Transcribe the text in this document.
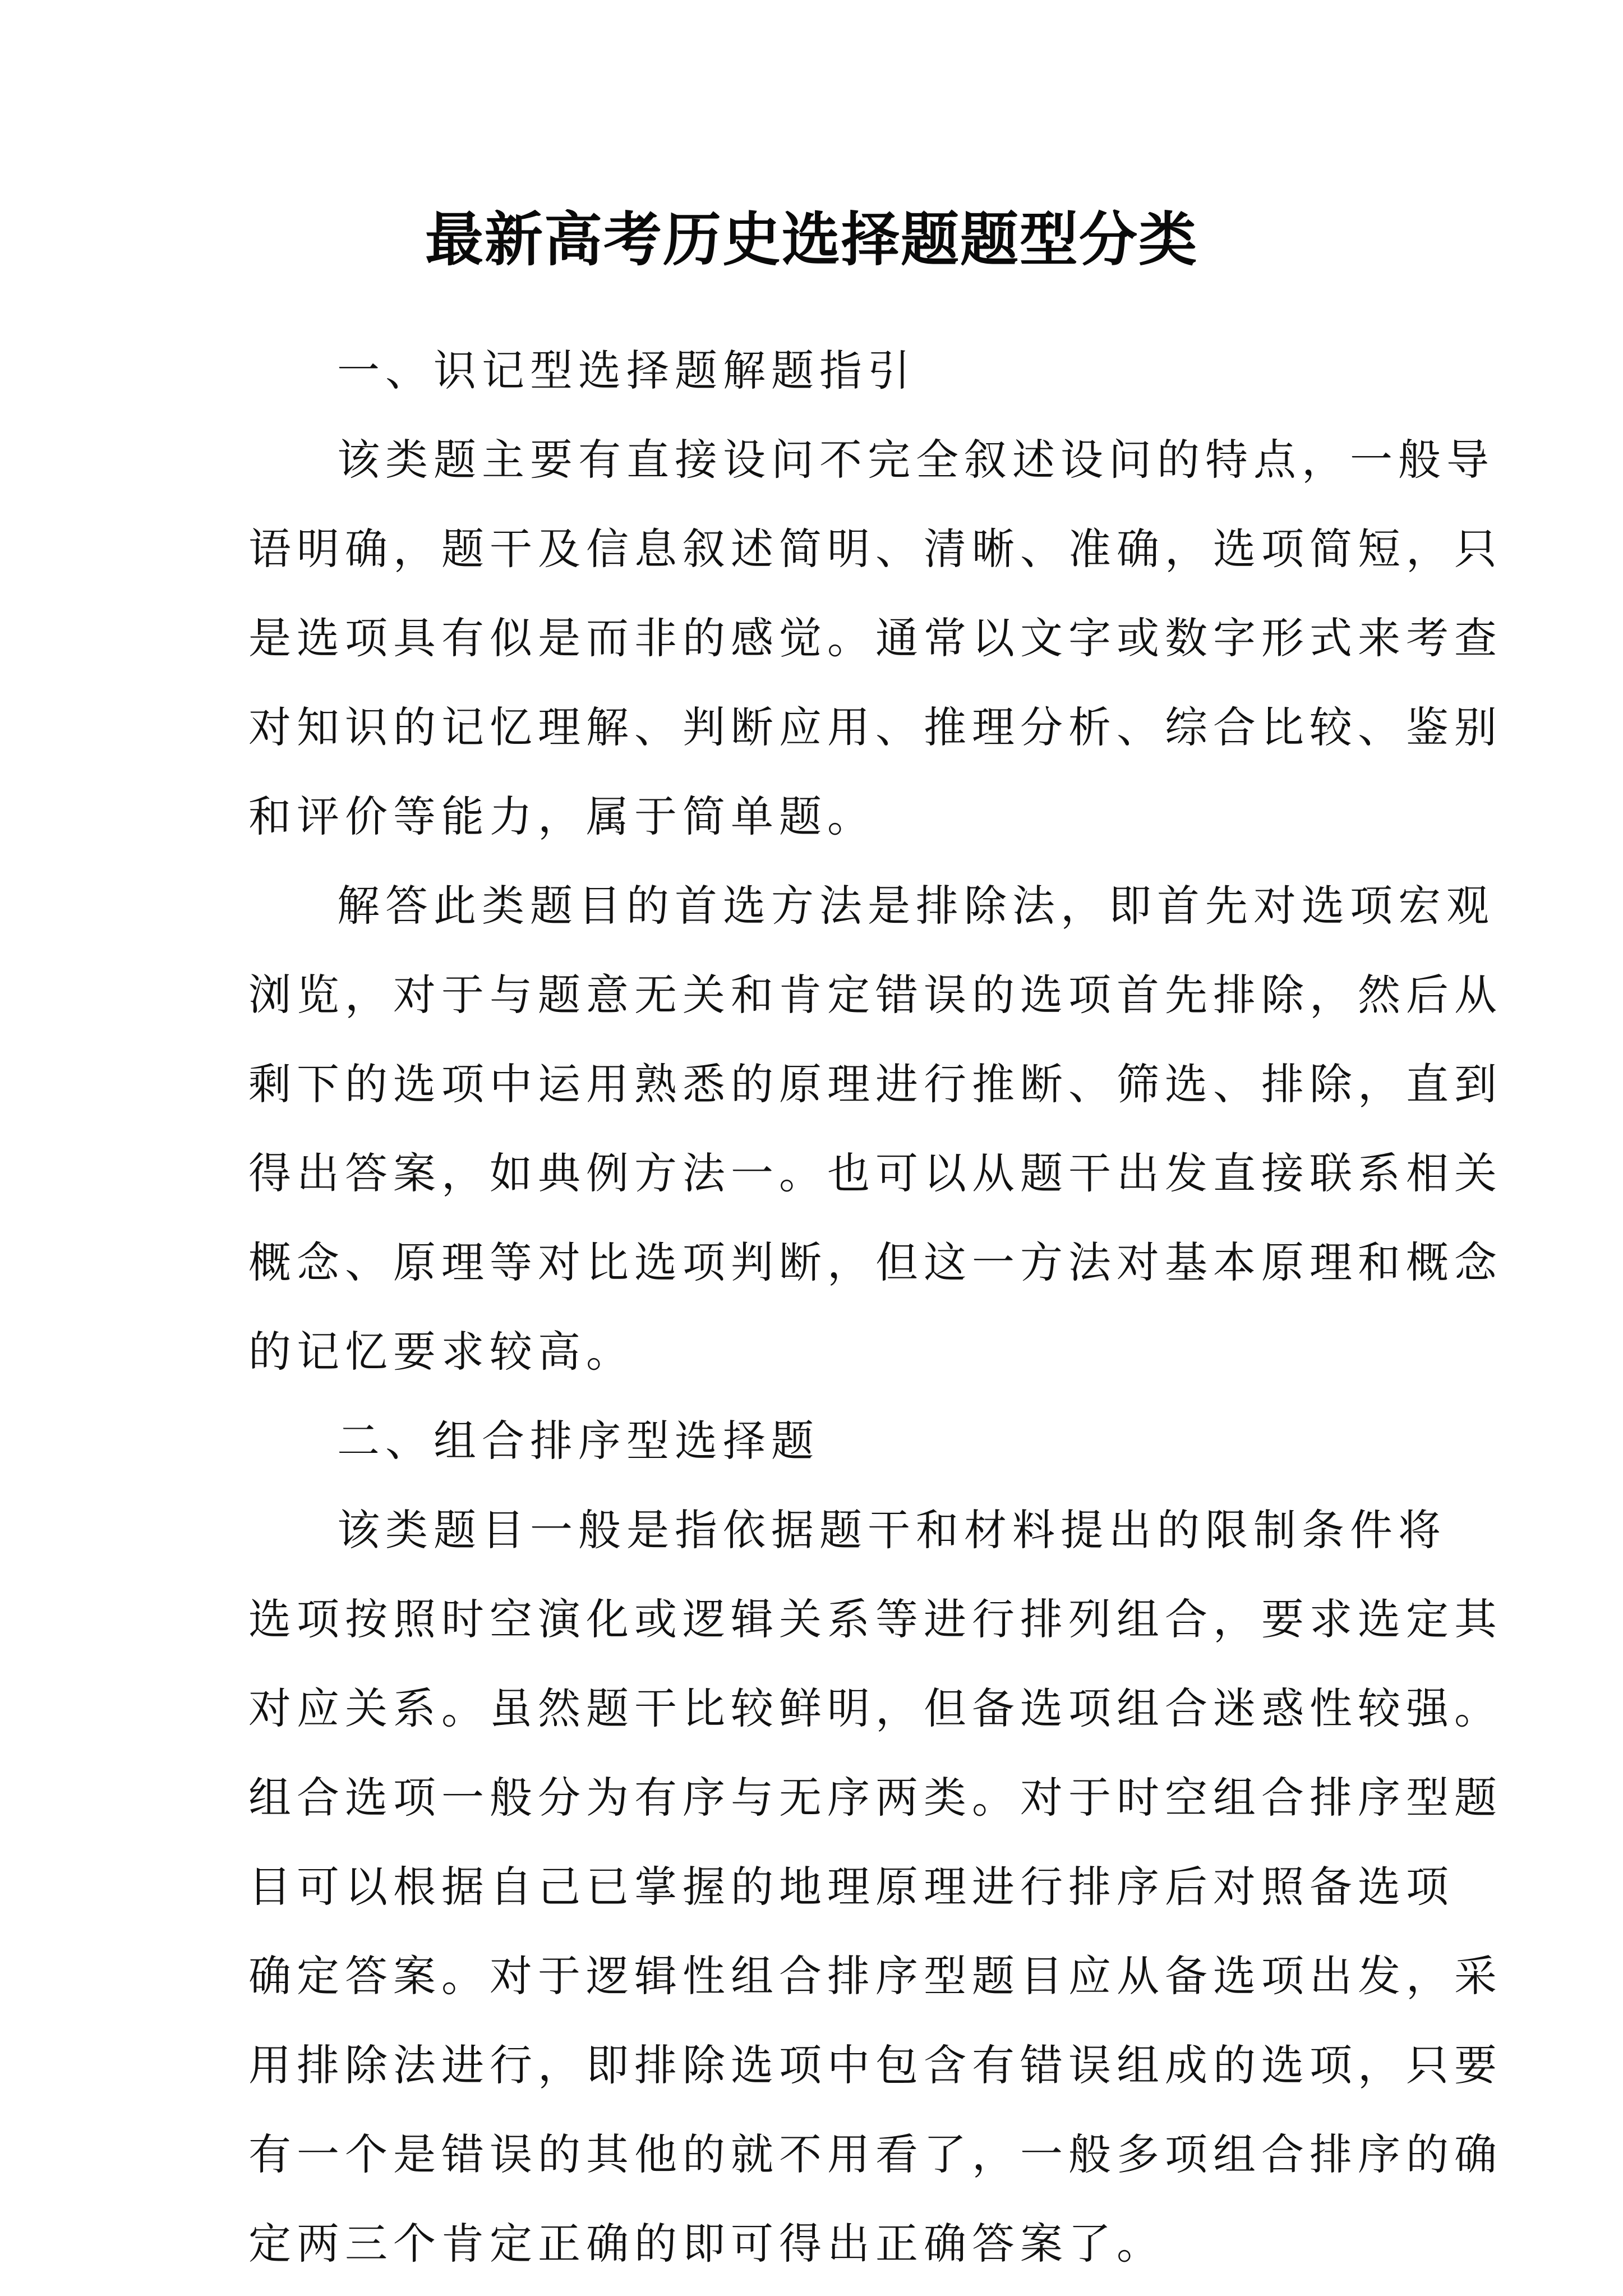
最新高考历史选择题题型分类
一、识记型选择题解题指引
该类题主要有直接设问不完全叙述设问的特点，一般导
语明确，题干及信息叙述简明、清晰、准确，选项简短，只
是选项具有似是而非的感觉。通常以文字或数字形式来考查
对知识的记忆理解、判断应用、推理分析、综合比较、鉴别
和评价等能力，属于简单题。
解答此类题目的首选方法是排除法，即首先对选项宏观
浏览，对于与题意无关和肯定错误的选项首先排除，然后从
剩下的选项中运用熟悉的原理进行推断、筛选、排除，直到
得出答案，如典例方法一。也可以从题干出发直接联系相关
概念、原理等对比选项判断，但这一方法对基本原理和概念
的记忆要求较高。
二、组合排序型选择题
该类题目一般是指依据题干和材料提出的限制条件将
选项按照时空演化或逻辑关系等进行排列组合，要求选定其
对应关系。虽然题干比较鲜明，但备选项组合迷惑性较强。
组合选项一般分为有序与无序两类。对于时空组合排序型题
目可以根据自己已掌握的地理原理进行排序后对照备选项
确定答案。对于逻辑性组合排序型题目应从备选项出发，采
用排除法进行，即排除选项中包含有错误组成的选项，只要
有一个是错误的其他的就不用看了，一般多项组合排序的确
定两三个肯定正确的即可得出正确答案了。
